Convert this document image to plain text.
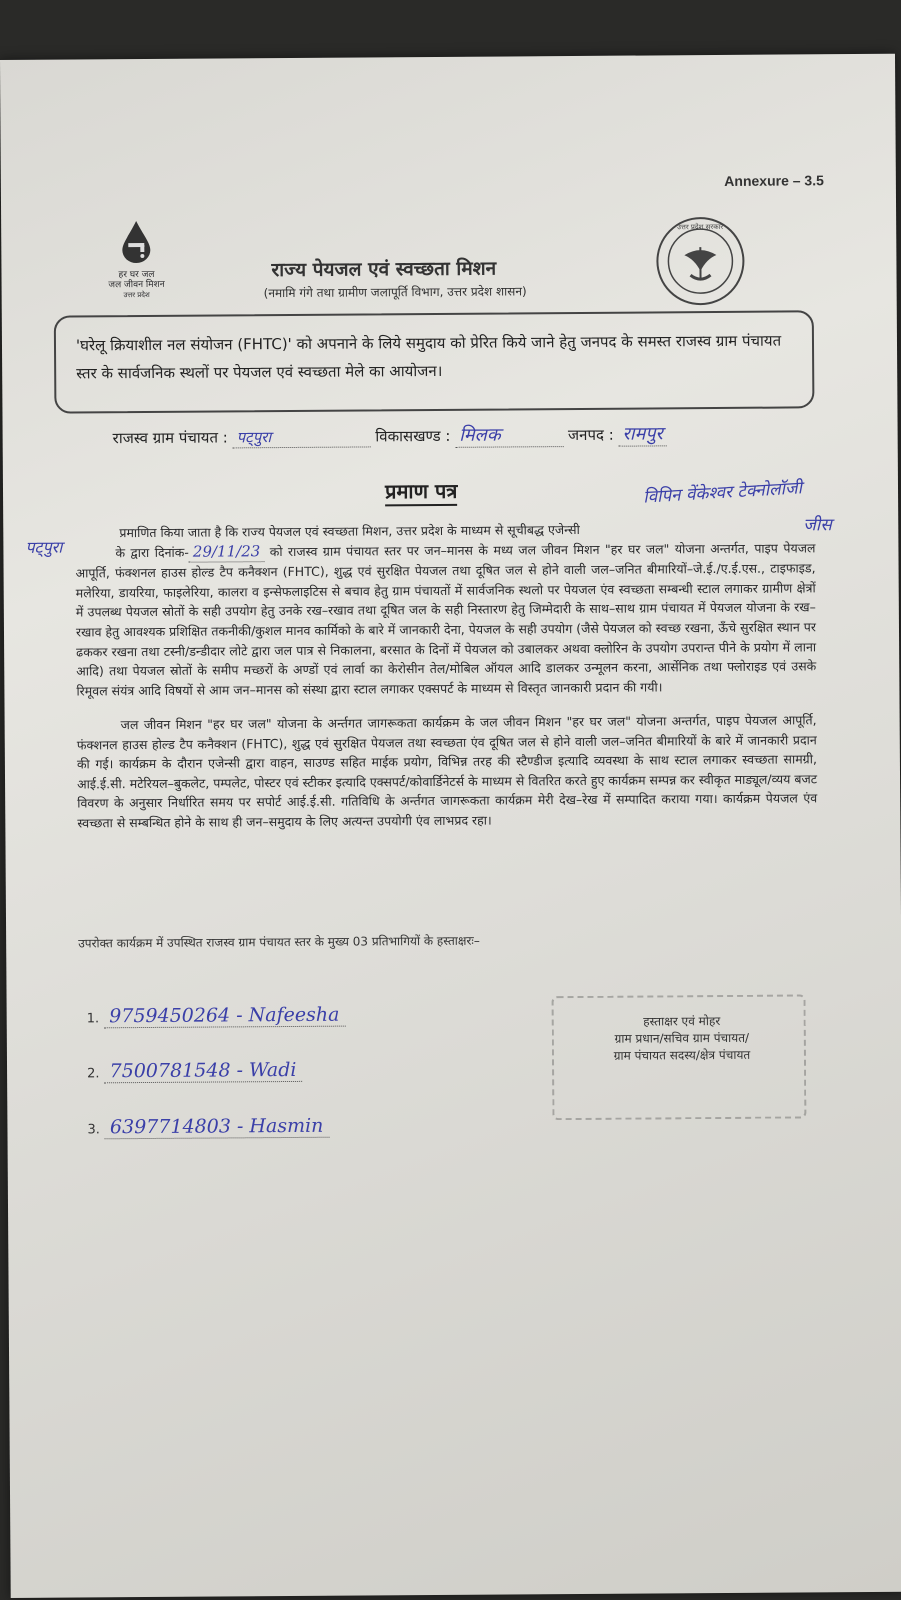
Annexure – 3.5
हर घर जल
जल जीवन मिशन
उत्तर प्रदेश
उत्तर प्रदेश सरकार
राज्य पेयजल एवं स्वच्छता मिशन
(नमामि गंगे तथा ग्रामीण जलापूर्ति विभाग, उत्तर प्रदेश शासन)
'घरेलू क्रियाशील नल संयोजन (FHTC)' को अपनाने के लिये समुदाय को प्रेरित किये जाने हेतु जनपद के समस्त राजस्व ग्राम पंचायत स्तर के सार्वजनिक स्थलों पर पेयजल एवं स्वच्छता मेले का आयोजन।
राजस्व ग्राम पंचायत : पट्पुरा	विकासखण्ड : मिलक	जनपद : रामपुर
प्रमाण पत्र	विपिन वेंकेश्वर टेक्नोलॉजी
जीस
पट्पुरा
प्रमाणित किया जाता है कि राज्य पेयजल एवं स्वच्छता मिशन, उत्तर प्रदेश के माध्यम से सूचीबद्ध एजेन्सी
के द्वारा दिनांक- 29/11/23 को राजस्व ग्राम पंचायत स्तर पर जन–मानस के मध्य जल जीवन मिशन "हर घर जल" योजना अन्तर्गत, पाइप पेयजल आपूर्ति, फंक्शनल हाउस होल्ड टैप कनैक्शन (FHTC), शुद्ध एवं सुरक्षित पेयजल तथा दूषित जल से होने वाली जल–जनित बीमारियों–जे.ई./ए.ई.एस., टाइफाइड, मलेरिया, डायरिया, फाइलेरिया, कालरा व इन्सेफलाइटिस से बचाव हेतु ग्राम पंचायतों में सार्वजनिक स्थलो पर पेयजल एंव स्वच्छता सम्बन्धी स्टाल लगाकर ग्रामीण क्षेत्रों में उपलब्ध पेयजल स्रोतों के सही उपयोग हेतु उनके रख–रखाव तथा दूषित जल के सही निस्तारण हेतु जिम्मेदारी के साथ–साथ ग्राम पंचायत में पेयजल योजना के रख–रखाव हेतु आवश्यक प्रशिक्षित तकनीकी/कुशल मानव कार्मिको के बारे में जानकारी देना, पेयजल के सही उपयोग (जैसे पेयजल को स्वच्छ रखना, ऊँचे सुरक्षित स्थान पर ढककर रखना तथा टस्नी/डन्डीदार लोटे द्वारा जल पात्र से निकालना, बरसात के दिनों में पेयजल को उबालकर अथवा क्लोरिन के उपयोग उपरान्त पीने के प्रयोग में लाना आदि) तथा पेयजल स्रोतों के समीप मच्छरों के अण्डों एवं लार्वा का केरोसीन तेल/मोबिल ऑयल आदि डालकर उन्मूलन करना, आर्सेनिक तथा फ्लोराइड एवं उसके रिमूवल संयंत्र आदि विषयों से आम जन–मानस को संस्था द्वारा स्टाल लगाकर एक्सपर्ट के माध्यम से विस्तृत जानकारी प्रदान की गयी।
जल जीवन मिशन "हर घर जल" योजना के अर्न्तगत जागरूकता कार्यक्रम के जल जीवन मिशन "हर घर जल" योजना अन्तर्गत, पाइप पेयजल आपूर्ति, फंक्शनल हाउस होल्ड टैप कनैक्शन (FHTC), शुद्ध एवं सुरक्षित पेयजल तथा स्वच्छता एंव दूषित जल से होने वाली जल–जनित बीमारियों के बारे में जानकारी प्रदान की गई। कार्यक्रम के दौरान एजेन्सी द्वारा वाहन, साउण्ड सहित माईक प्रयोग, विभिन्न तरह की स्टैण्डीज इत्यादि व्यवस्था के साथ स्टाल लगाकर स्वच्छता सामग्री, आई.ई.सी. मटेरियल–बुकलेट, पम्पलेट, पोस्टर एवं स्टीकर इत्यादि एक्सपर्ट/कोवार्डिनेटर्स के माध्यम से वितरित करते हुए कार्यक्रम सम्पन्न कर स्वीकृत माड्यूल/व्यय बजट विवरण के अनुसार निर्धारित समय पर सपोर्ट आई.ई.सी. गतिविधि के अर्न्तगत जागरूकता कार्यक्रम मेरी देख–रेख में सम्पादित कराया गया। कार्यक्रम पेयजल एंव स्वच्छता से सम्बन्धित होने के साथ ही जन–समुदाय के लिए अत्यन्त उपयोगी एंव लाभप्रद रहा।
उपरोक्त कार्यक्रम में उपस्थित राजस्व ग्राम पंचायत स्तर के मुख्य 03 प्रतिभागियों के हस्ताक्षरः–
1. 9759450264 - Nafeesha
2. 7500781548 - Wadi
3. 6397714803 - Hasmin
हस्ताक्षर एवं मोहर
ग्राम प्रधान/सचिव ग्राम पंचायत/
ग्राम पंचायत सदस्य/क्षेत्र पंचायत
